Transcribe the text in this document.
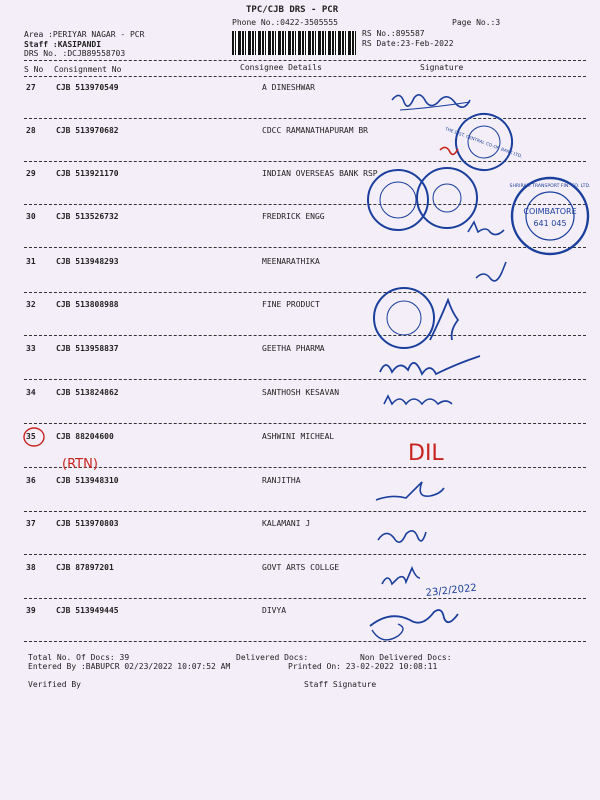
TPC/CJB DRS - PCR
Phone No.:0422-3505555	Page No.:3
Area :PERIYAR NAGAR - PCR
Staff :KASIPANDI
DRS No. :DCJB89558703
RS No.:895587
RS Date:23-Feb-2022
S No Consignment No	Consignee Details	Signature
27	CJB 513970549	A DINESHWAR
28	CJB 513970682	CDCC RAMANATHAPURAM BR
29	CJB 513921170	INDIAN OVERSEAS BANK RSP
30	CJB 513526732	FREDRICK ENGG
31	CJB 513948293	MEENARATHIKA
32	CJB 513808988	FINE PRODUCT
33	CJB 513958837	GEETHA PHARMA
34	CJB 513824862	SANTHOSH KESAVAN
35	CJB 88204600	ASHWINI MICHEAL
36	CJB 513948310	RANJITHA
37	CJB 513970803	KALAMANI J
38	CJB 87897201	GOVT ARTS COLLGE
39	CJB 513949445	DIVYA
THE DIST. CENTRAL CO-OP. BANK LTD.
COIMBATORE
641 045
SHRIRAM TRANSPORT FIN. CO. LTD.
(RTN)	DIL
23/2/2022
Total No. Of Docs: 39	Delivered Docs:	Non Delivered Docs:
Entered By :BABUPCR 02/23/2022 10:07:52 AM	Printed On: 23-02-2022 10:08:11
Verified By	Staff Signature
